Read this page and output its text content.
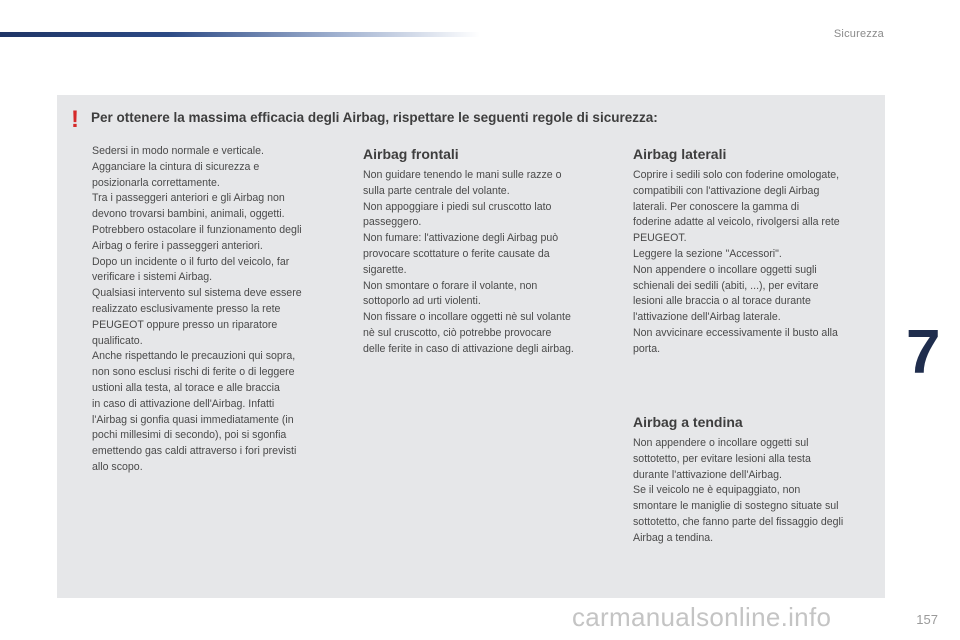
Sicurezza
! Per ottenere la massima efficacia degli Airbag, rispettare le seguenti regole di sicurezza:
Sedersi in modo normale e verticale.
Agganciare la cintura di sicurezza e
posizionarla correttamente.
Tra i passeggeri anteriori e gli Airbag non
devono trovarsi bambini, animali, oggetti.
Potrebbero ostacolare il funzionamento degli
Airbag o ferire i passeggeri anteriori.
Dopo un incidente o il furto del veicolo, far
verificare i sistemi Airbag.
Qualsiasi intervento sul sistema deve essere
realizzato esclusivamente presso la rete
PEUGEOT oppure presso un riparatore
qualificato.
Anche rispettando le precauzioni qui sopra,
non sono esclusi rischi di ferite o di leggere
ustioni alla testa, al torace e alle braccia
in caso di attivazione dell'Airbag. Infatti
l'Airbag si gonfia quasi immediatamente (in
pochi millesimi di secondo), poi si sgonfia
emettendo gas caldi attraverso i fori previsti
allo scopo.
Airbag frontali
Non guidare tenendo le mani sulle razze o
sulla parte centrale del volante.
Non appoggiare i piedi sul cruscotto lato
passeggero.
Non fumare: l'attivazione degli Airbag può
provocare scottature o ferite causate da
sigarette.
Non smontare o forare il volante, non
sottoporlo ad urti violenti.
Non fissare o incollare oggetti nè sul volante
nè sul cruscotto, ciò potrebbe provocare
delle ferite in caso di attivazione degli airbag.
Airbag laterali
Coprire i sedili solo con foderine omologate,
compatibili con l'attivazione degli Airbag
laterali. Per conoscere la gamma di
foderine adatte al veicolo, rivolgersi alla rete
PEUGEOT.
Leggere la sezione "Accessori".
Non appendere o incollare oggetti sugli
schienali dei sedili (abiti, ...), per evitare
lesioni alle braccia o al torace durante
l'attivazione dell'Airbag laterale.
Non avvicinare eccessivamente il busto alla
porta.
Airbag a tendina
Non appendere o incollare oggetti sul
sottotetto, per evitare lesioni alla testa
durante l'attivazione dell'Airbag.
Se il veicolo ne è equipaggiato, non
smontare le maniglie di sostegno situate sul
sottotetto, che fanno parte del fissaggio degli
Airbag a tendina.
7
carmanualsonline.info	157
